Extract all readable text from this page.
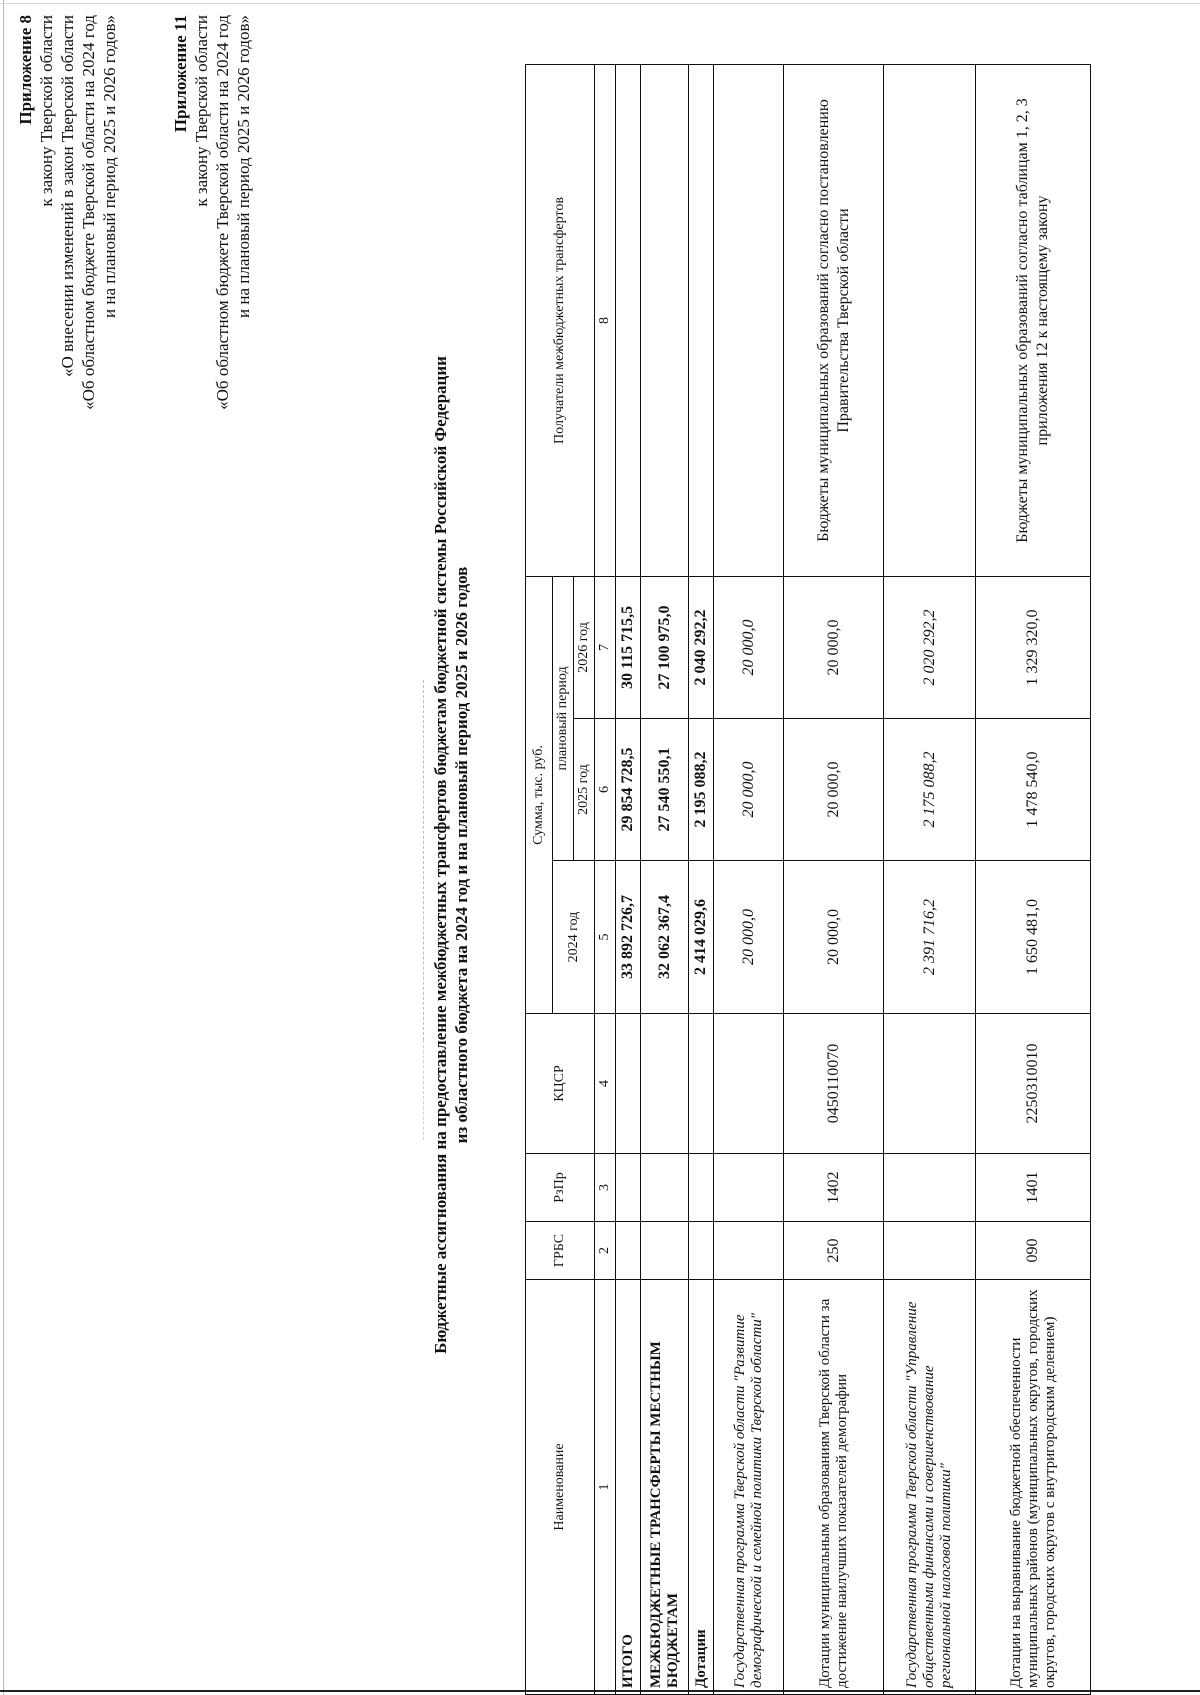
Приложение 8 к закону Тверской области «О внесении изменений в закон Тверской области «Об областном бюджете Тверской области на 2024 год и на плановый период 2025 и 2026 годов»	Приложение 11 к закону Тверской области «Об областном бюджете Тверской области на 2024 год и на плановый период 2025 и 2026 годов»
Бюджетные ассигнования на предоставление межбюджетных трансфертов бюджетам бюджетной системы Российской Федерации из областного бюджета на 2024 год и на плановый период 2025 и 2026 годов
Наименование	ГРБС	РзПр	КЦСР	Сумма, тыс. руб.			Получатели межбюджетных трансфертов
				2024 год	плановый период		
					2025 год	2026 год	
1	2	3	4	5	6	7	8
ИТОГО				33 892 726,7	29 854 728,5	30 115 715,5	
МЕЖБЮДЖЕТНЫЕ ТРАНСФЕРТЫ МЕСТНЫМ БЮДЖЕТАМ				32 062 367,4	27 540 550,1	27 100 975,0	
Дотации				2 414 029,6	2 195 088,2	2 040 292,2	
Государственная программа Тверской области "Развитие демографической и семейной политики Тверской области"				20 000,0	20 000,0	20 000,0	
Дотации муниципальным образованиям Тверской области за достижение наилучших показателей демографии	250	1402	0450110070	20 000,0	20 000,0	20 000,0	Бюджеты муниципальных образований согласно постановлению Правительства Тверской области
Государственная программа Тверской области "Управление общественными финансами и совершенствование региональной налоговой политики"				2 391 716,2	2 175 088,2	2 020 292,2	
Дотации на выравнивание бюджетной обеспеченности муниципальных районов (муниципальных округов, городских округов, городских округов с внутригородским делением)	090	1401	2250310010	1 650 481,0	1 478 540,0	1 329 320,0	Бюджеты муниципальных образований согласно таблицам 1, 2, 3 приложения 12 к настоящему закону
